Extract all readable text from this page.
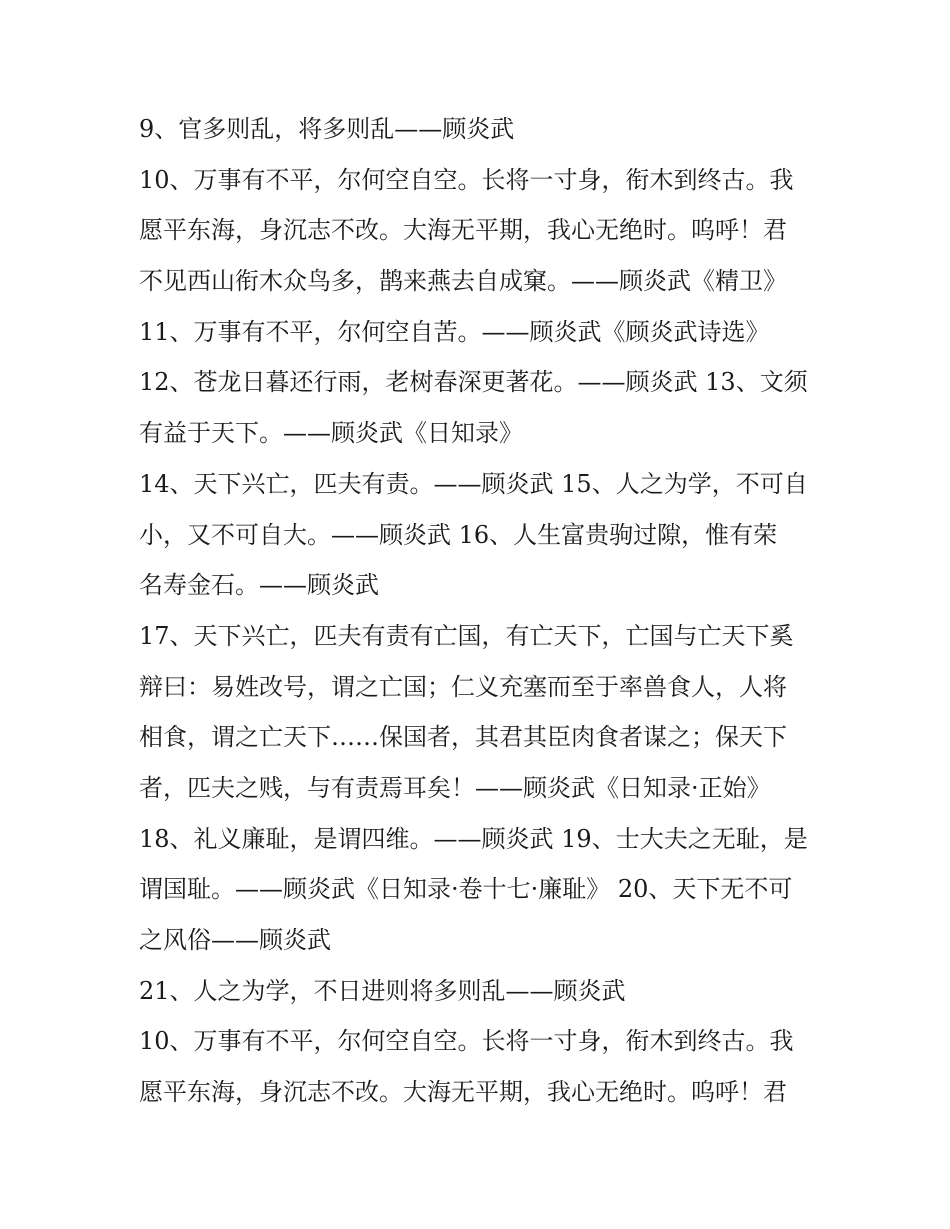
9、官多则乱，将多则乱——顾炎武
10、万事有不平，尔何空自空。长将一寸身，衔木到终古。我
愿平东海，身沉志不改。大海无平期，我心无绝时。呜呼！君
不见西山衔木众鸟多，鹊来燕去自成窠。——顾炎武《精卫》
11、万事有不平，尔何空自苦。——顾炎武《顾炎武诗选》
12、苍龙日暮还行雨，老树春深更著花。——顾炎武 13、文须
有益于天下。——顾炎武《日知录》
14、天下兴亡，匹夫有责。——顾炎武 15、人之为学，不可自
小，又不可自大。——顾炎武 16、人生富贵驹过隙，惟有荣
名寿金石。——顾炎武
17、天下兴亡，匹夫有责有亡国，有亡天下，亡国与亡天下奚
辩曰：易姓改号，谓之亡国；仁义充塞而至于率兽食人，人将
相食，谓之亡天下……保国者，其君其臣肉食者谋之；保天下
者，匹夫之贱，与有责焉耳矣！——顾炎武《日知录·正始》
18、礼义廉耻，是谓四维。——顾炎武 19、士大夫之无耻，是
谓国耻。——顾炎武《日知录·卷十七·廉耻》 20、天下无不可
之风俗——顾炎武
21、人之为学，不日进则将多则乱——顾炎武
10、万事有不平，尔何空自空。长将一寸身，衔木到终古。我
愿平东海，身沉志不改。大海无平期，我心无绝时。呜呼！君
